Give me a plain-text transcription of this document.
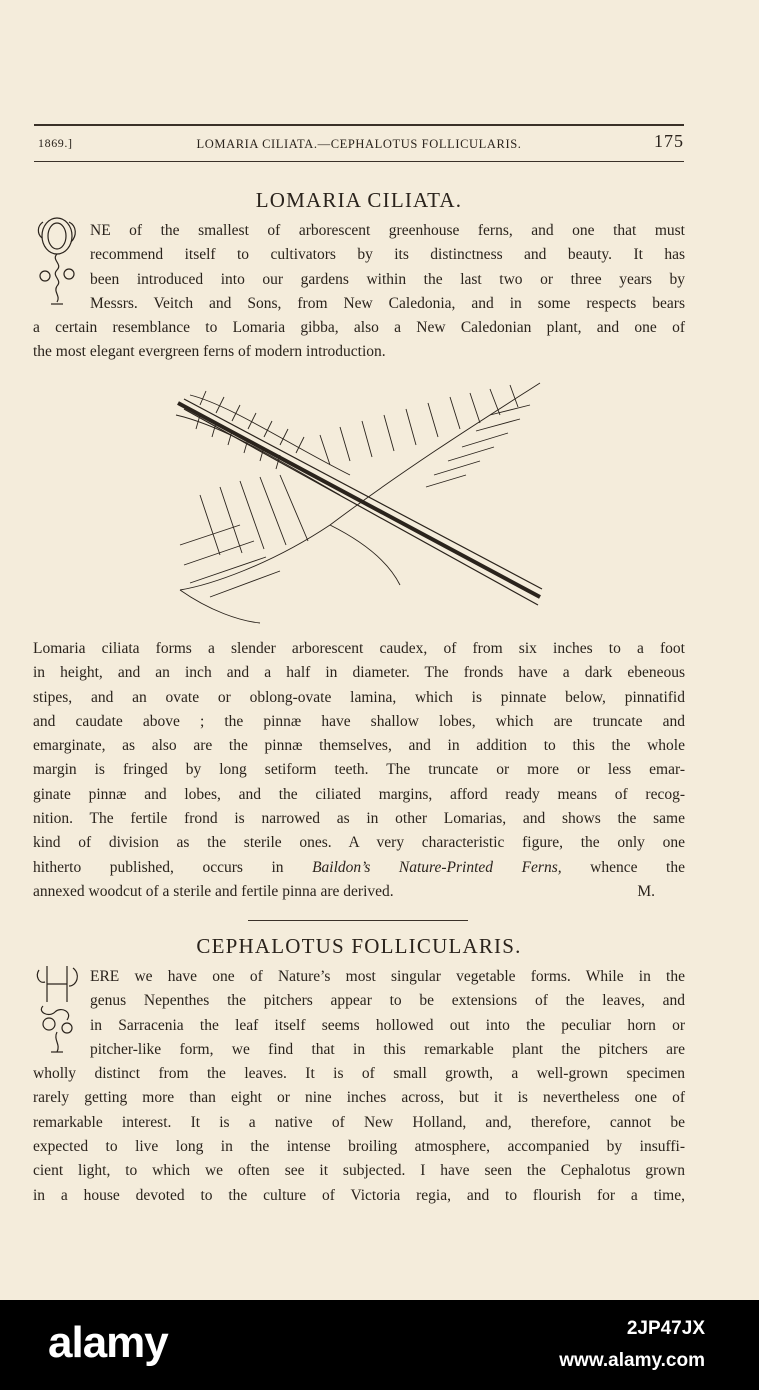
1869.]	LOMARIA CILIATA.—CEPHALOTUS FOLLICULARIS.	175
LOMARIA CILIATA.
NE of the smallest of arborescent greenhouse ferns, and one that must
recommend itself to cultivators by its distinctness and beauty. It has
been introduced into our gardens within the last two or three years by
Messrs. Veitch and Sons, from New Caledonia, and in some respects bears
a certain resemblance to Lomaria gibba, also a New Caledonian plant, and one of
the most elegant evergreen ferns of modern introduction.
Lomaria ciliata forms a slender arborescent caudex, of from six inches to a foot
in height, and an inch and a half in diameter. The fronds have a dark ebeneous
stipes, and an ovate or oblong-ovate lamina, which is pinnate below, pinnatifid
and caudate above ; the pinnæ have shallow lobes, which are truncate and
emarginate, as also are the pinnæ themselves, and in addition to this the whole
margin is fringed by long setiform teeth. The truncate or more or less emar-
ginate pinnæ and lobes, and the ciliated margins, afford ready means of recog-
nition. The fertile frond is narrowed as in other Lomarias, and shows the same
kind of division as the sterile ones. A very characteristic figure, the only one
hitherto published, occurs in Baildon’s Nature-Printed Ferns, whence the
annexed woodcut of a sterile and fertile pinna are derived.	M.
CEPHALOTUS FOLLICULARIS.
ERE we have one of Nature’s most singular vegetable forms. While in the
genus Nepenthes the pitchers appear to be extensions of the leaves, and
in Sarracenia the leaf itself seems hollowed out into the peculiar horn or
pitcher-like form, we find that in this remarkable plant the pitchers are
wholly distinct from the leaves. It is of small growth, a well-grown specimen
rarely getting more than eight or nine inches across, but it is nevertheless one of
remarkable interest. It is a native of New Holland, and, therefore, cannot be
expected to live long in the intense broiling atmosphere, accompanied by insuffi-
cient light, to which we often see it subjected. I have seen the Cephalotus grown
in a house devoted to the culture of Victoria regia, and to flourish for a time,
alamy	2JP47JX
www.alamy.com
